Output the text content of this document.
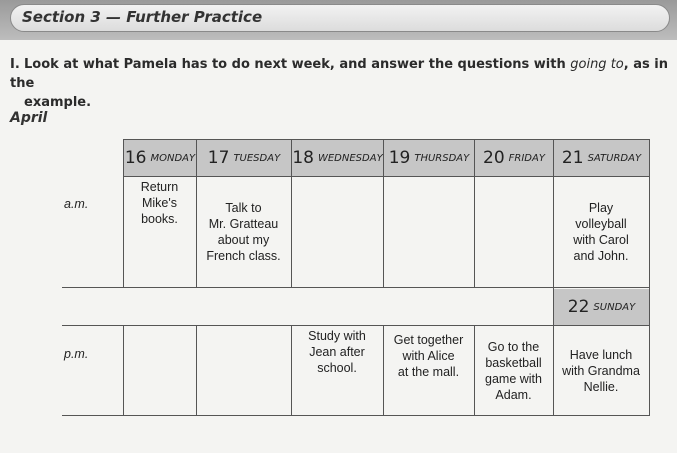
Section 3 — Further Practice
I. Look at what Pamela has to do next week, and answer the questions with going to, as in the
example.
April
16 MONDAY 17 TUESDAY 18 WEDNESDAY 19 THURSDAY 20 FRIDAY 21 SATURDAY
22 SUNDAY
a.m.
p.m.
Return
Mike's
books.
Talk to
Mr. Gratteau
about my
French class.
Play
volleyball
with Carol
and John.
Study with
Jean after
school.
Get together
with Alice
at the mall.
Go to the
basketball
game with
Adam.
Have lunch
with Grandma
Nellie.
